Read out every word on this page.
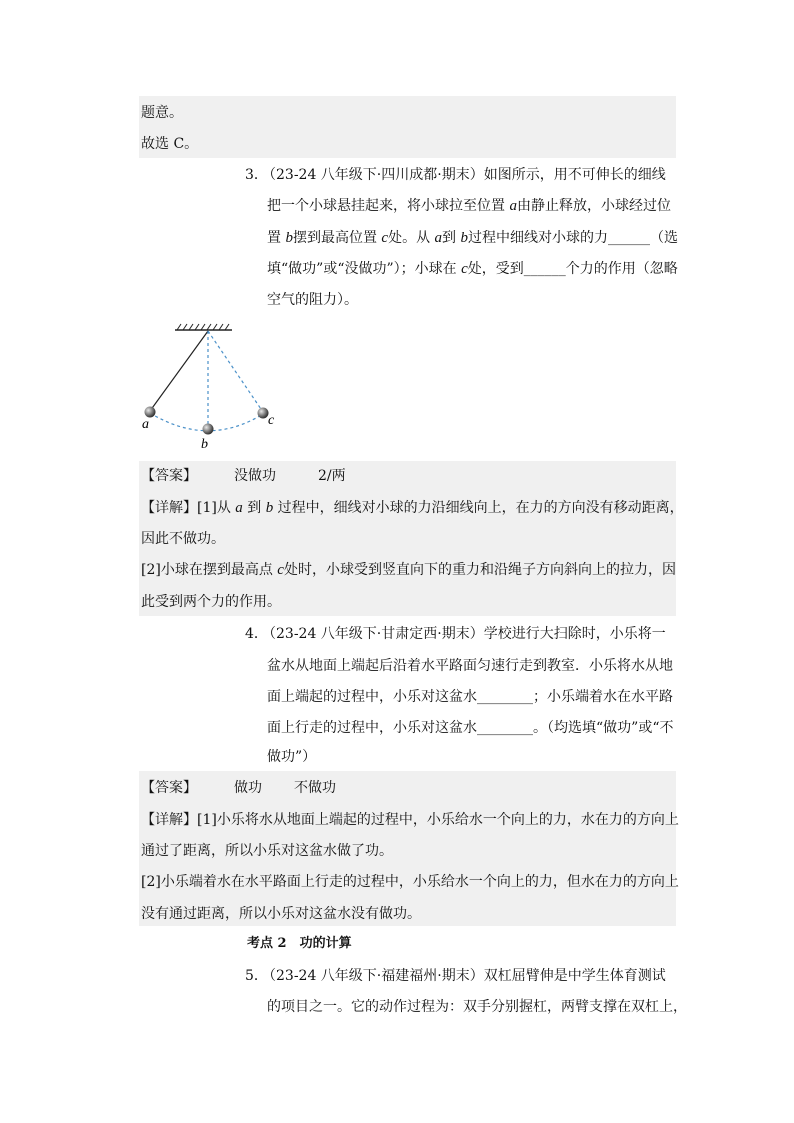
题意。
故选 C。
3．
（23-24 八年级下·四川成都·期末）如图所示，用不可伸长的细线
把一个小球悬挂起来，将小球拉至位置 a由静止释放，小球经过位
置 b摆到最高位置 c处。从 a到 b过程中细线对小球的力______（选
填“做功”或“没做功”）；小球在 c处，受到______个力的作用（忽略
空气的阻力）。
a
b
c
【答案】	没做功	2/两
【详解】[1]从 a 到 b 过程中，细线对小球的力沿细线向上，在力的方向没有移动距离，
因此不做功。
[2]小球在摆到最高点 c处时，小球受到竖直向下的重力和沿绳子方向斜向上的拉力，因
此受到两个力的作用。
4．
（23-24 八年级下·甘肃定西·期末）学校进行大扫除时，小乐将一
盆水从地面上端起后沿着水平路面匀速行走到教室．小乐将水从地
面上端起的过程中，小乐对这盆水________；小乐端着水在水平路
面上行走的过程中，小乐对这盆水________。（均选填“做功”或“不
做功”）
【答案】	做功 不做功
【详解】[1]小乐将水从地面上端起的过程中，小乐给水一个向上的力，水在力的方向上
通过了距离，所以小乐对这盆水做了功。
[2]小乐端着水在水平路面上行走的过程中，小乐给水一个向上的力，但水在力的方向上
没有通过距离，所以小乐对这盆水没有做功。
考点 2　功的计算
5．
（23-24 八年级下·福建福州·期末）双杠屈臂伸是中学生体育测试
的项目之一。它的动作过程为：双手分别握杠，两臂支撑在双杠上，
